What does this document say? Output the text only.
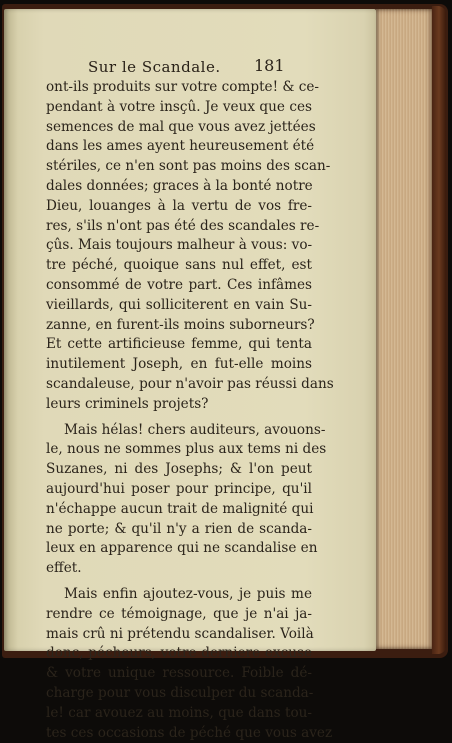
Sur le Scandale.	181
ont-ils produits sur votre compte! & ce-
pendant à votre insçû. Je veux que ces
semences de mal que vous avez jettées
dans les ames ayent heureusement été
stériles, ce n'en sont pas moins des scan-
dales données; graces à la bonté notre
Dieu, louanges à la vertu de vos fre-
res, s'ils n'ont pas été des scandales re-
çûs. Mais toujours malheur à vous: vo-
tre péché, quoique sans nul effet, est
consommé de votre part. Ces infâmes
vieillards, qui solliciterent en vain Su-
zanne, en furent-ils moins suborneurs?
Et cette artificieuse femme, qui tenta
inutilement Joseph, en fut-elle moins
scandaleuse, pour n'avoir pas réussi dans
leurs criminels projets?
Mais hélas! chers auditeurs, avouons-
le, nous ne sommes plus aux tems ni des
Suzanes, ni des Josephs; & l'on peut
aujourd'hui poser pour principe, qu'il
n'échappe aucun trait de malignité qui
ne porte; & qu'il n'y a rien de scanda-
leux en apparence qui ne scandalise en
effet.
Mais enfin ajoutez-vous, je puis me
rendre ce témoignage, que je n'ai ja-
mais crû ni prétendu scandaliser. Voilà
donc, pécheurs, votre derniere excuse
& votre unique ressource. Foible dé-
charge pour vous disculper du scanda-
le! car avouez au moins, que dans tou-
tes ces occasions de péché que vous avez
